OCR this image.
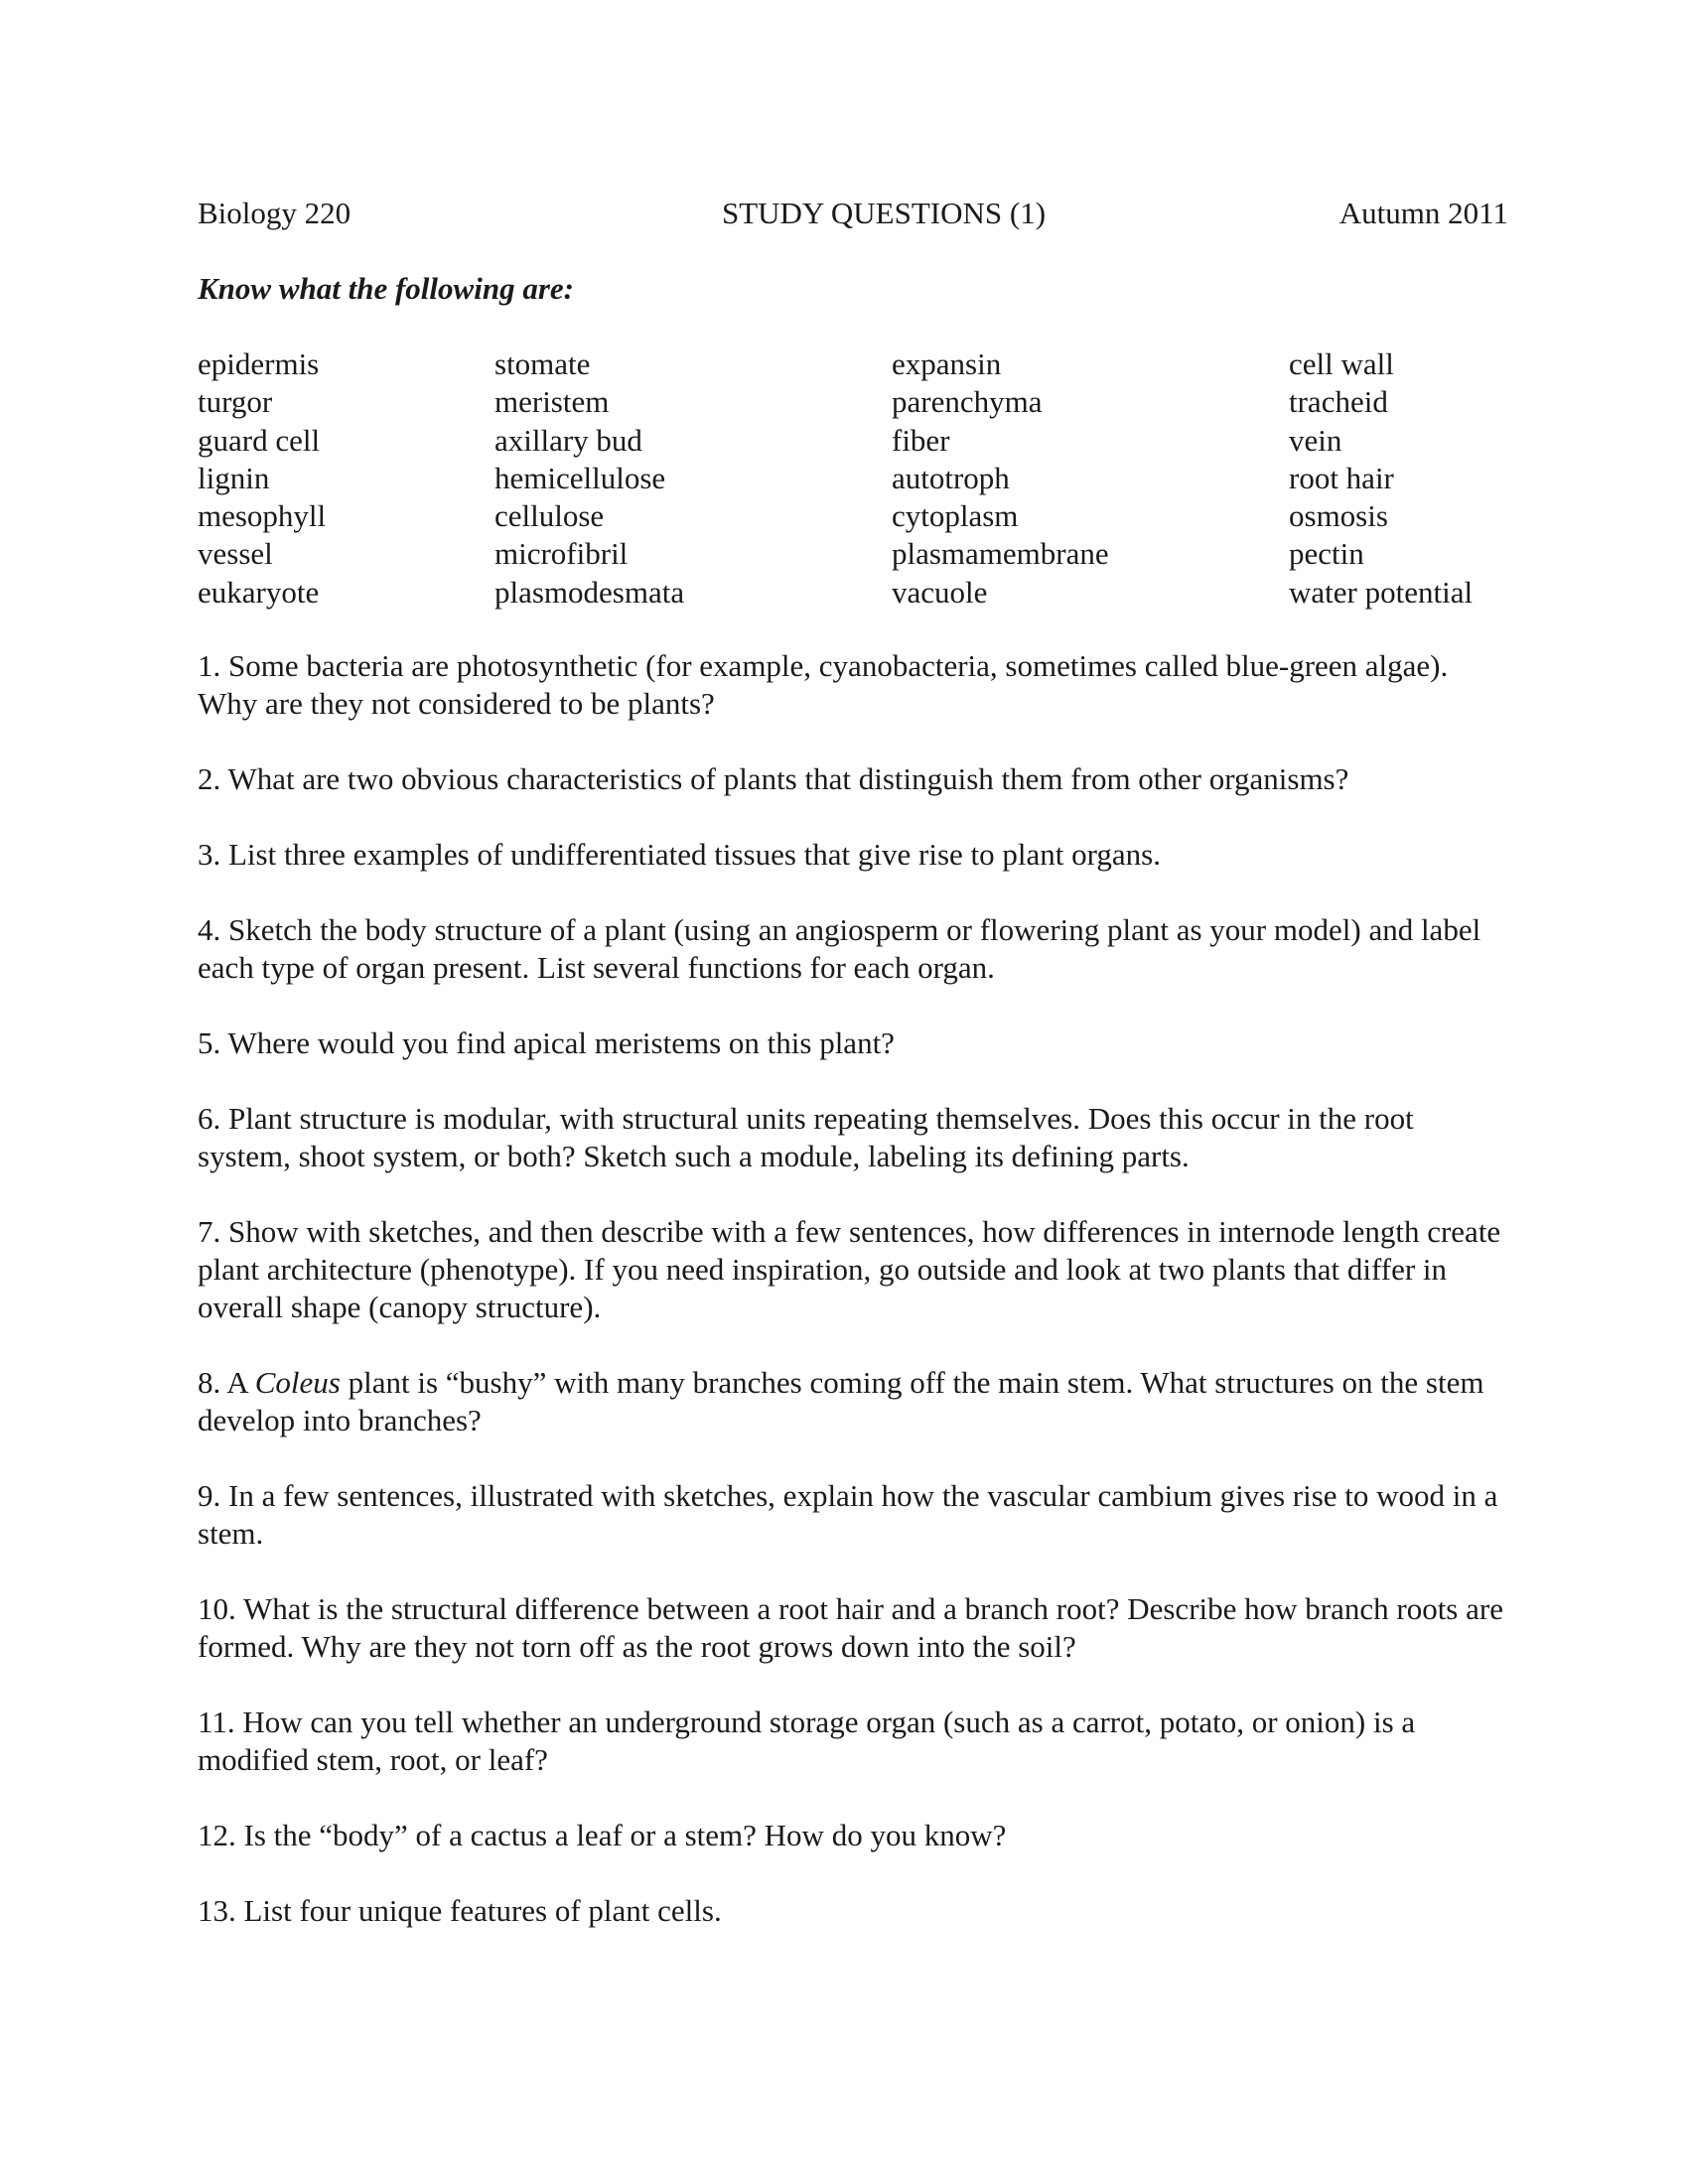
Biology 220	STUDY QUESTIONS (1)	Autumn 2011
Know what the following are:
epidermis
turgor
guard cell
lignin
mesophyll
vessel
eukaryote
stomate
meristem
axillary bud
hemicellulose
cellulose
microfibril
plasmodesmata
expansin
parenchyma
fiber
autotroph
cytoplasm
plasmamembrane
vacuole
cell wall
tracheid
vein
root hair
osmosis
pectin
water potential

1. Some bacteria are photosynthetic (for example, cyanobacteria, sometimes called blue-green algae). Why are they not considered to be plants?

2. What are two obvious characteristics of plants that distinguish them from other organisms?

3. List three examples of undifferentiated tissues that give rise to plant organs.

4. Sketch the body structure of a plant (using an angiosperm or flowering plant as your model) and label each type of organ present. List several functions for each organ.

5. Where would you find apical meristems on this plant?

6. Plant structure is modular, with structural units repeating themselves. Does this occur in the root system, shoot system, or both? Sketch such a module, labeling its defining parts.

7. Show with sketches, and then describe with a few sentences, how differences in internode length create plant architecture (phenotype). If you need inspiration, go outside and look at two plants that differ in overall shape (canopy structure).

8. A Coleus plant is “bushy” with many branches coming off the main stem. What structures on the stem develop into branches?

9. In a few sentences, illustrated with sketches, explain how the vascular cambium gives rise to wood in a stem.

10. What is the structural difference between a root hair and a branch root? Describe how branch roots are formed. Why are they not torn off as the root grows down into the soil?

11. How can you tell whether an underground storage organ (such as a carrot, potato, or onion) is a modified stem, root, or leaf?

12. Is the “body” of a cactus a leaf or a stem? How do you know?

13. List four unique features of plant cells.
